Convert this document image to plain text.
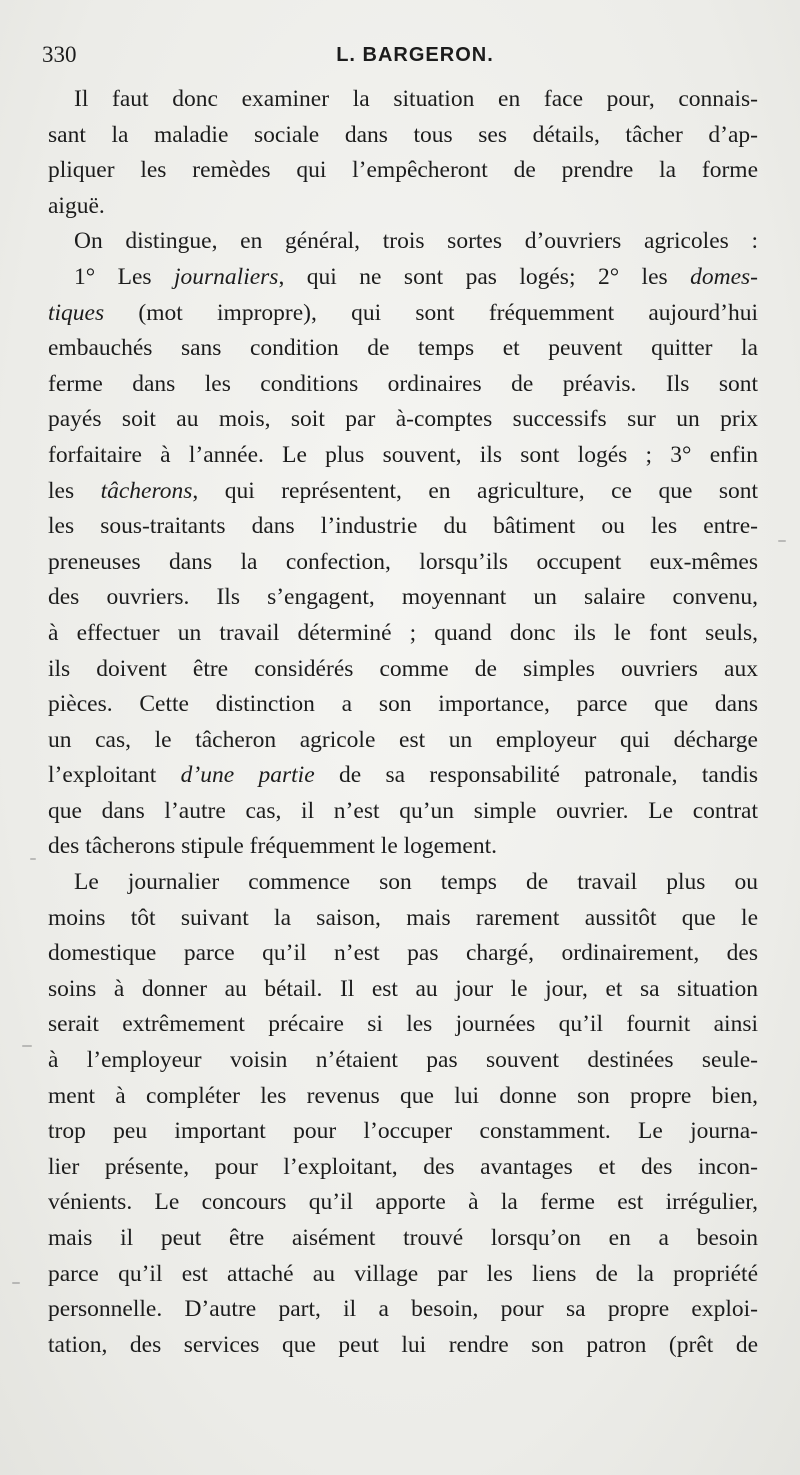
330	L. BARGERON.
Il faut donc examiner la situation en face pour, connais-
sant la maladie sociale dans tous ses détails, tâcher d’ap-
pliquer les remèdes qui l’empêcheront de prendre la forme
aiguë.
On distingue, en général, trois sortes d’ouvriers agricoles :
1° Les journaliers, qui ne sont pas logés; 2° les domes-
tiques (mot impropre), qui sont fréquemment aujourd’hui
embauchés sans condition de temps et peuvent quitter la
ferme dans les conditions ordinaires de préavis. Ils sont
payés soit au mois, soit par à-comptes successifs sur un prix
forfaitaire à l’année. Le plus souvent, ils sont logés ; 3° enfin
les tâcherons, qui représentent, en agriculture, ce que sont
les sous-traitants dans l’industrie du bâtiment ou les entre-
preneuses dans la confection, lorsqu’ils occupent eux-mêmes
des ouvriers. Ils s’engagent, moyennant un salaire convenu,
à effectuer un travail déterminé ; quand donc ils le font seuls,
ils doivent être considérés comme de simples ouvriers aux
pièces. Cette distinction a son importance, parce que dans
un cas, le tâcheron agricole est un employeur qui décharge
l’exploitant d’une partie de sa responsabilité patronale, tandis
que dans l’autre cas, il n’est qu’un simple ouvrier. Le contrat
des tâcherons stipule fréquemment le logement.
Le journalier commence son temps de travail plus ou
moins tôt suivant la saison, mais rarement aussitôt que le
domestique parce qu’il n’est pas chargé, ordinairement, des
soins à donner au bétail. Il est au jour le jour, et sa situation
serait extrêmement précaire si les journées qu’il fournit ainsi
à l’employeur voisin n’étaient pas souvent destinées seule-
ment à compléter les revenus que lui donne son propre bien,
trop peu important pour l’occuper constamment. Le journa-
lier présente, pour l’exploitant, des avantages et des incon-
vénients. Le concours qu’il apporte à la ferme est irrégulier,
mais il peut être aisément trouvé lorsqu’on en a besoin
parce qu’il est attaché au village par les liens de la propriété
personnelle. D’autre part, il a besoin, pour sa propre exploi-
tation, des services que peut lui rendre son patron (prêt de
